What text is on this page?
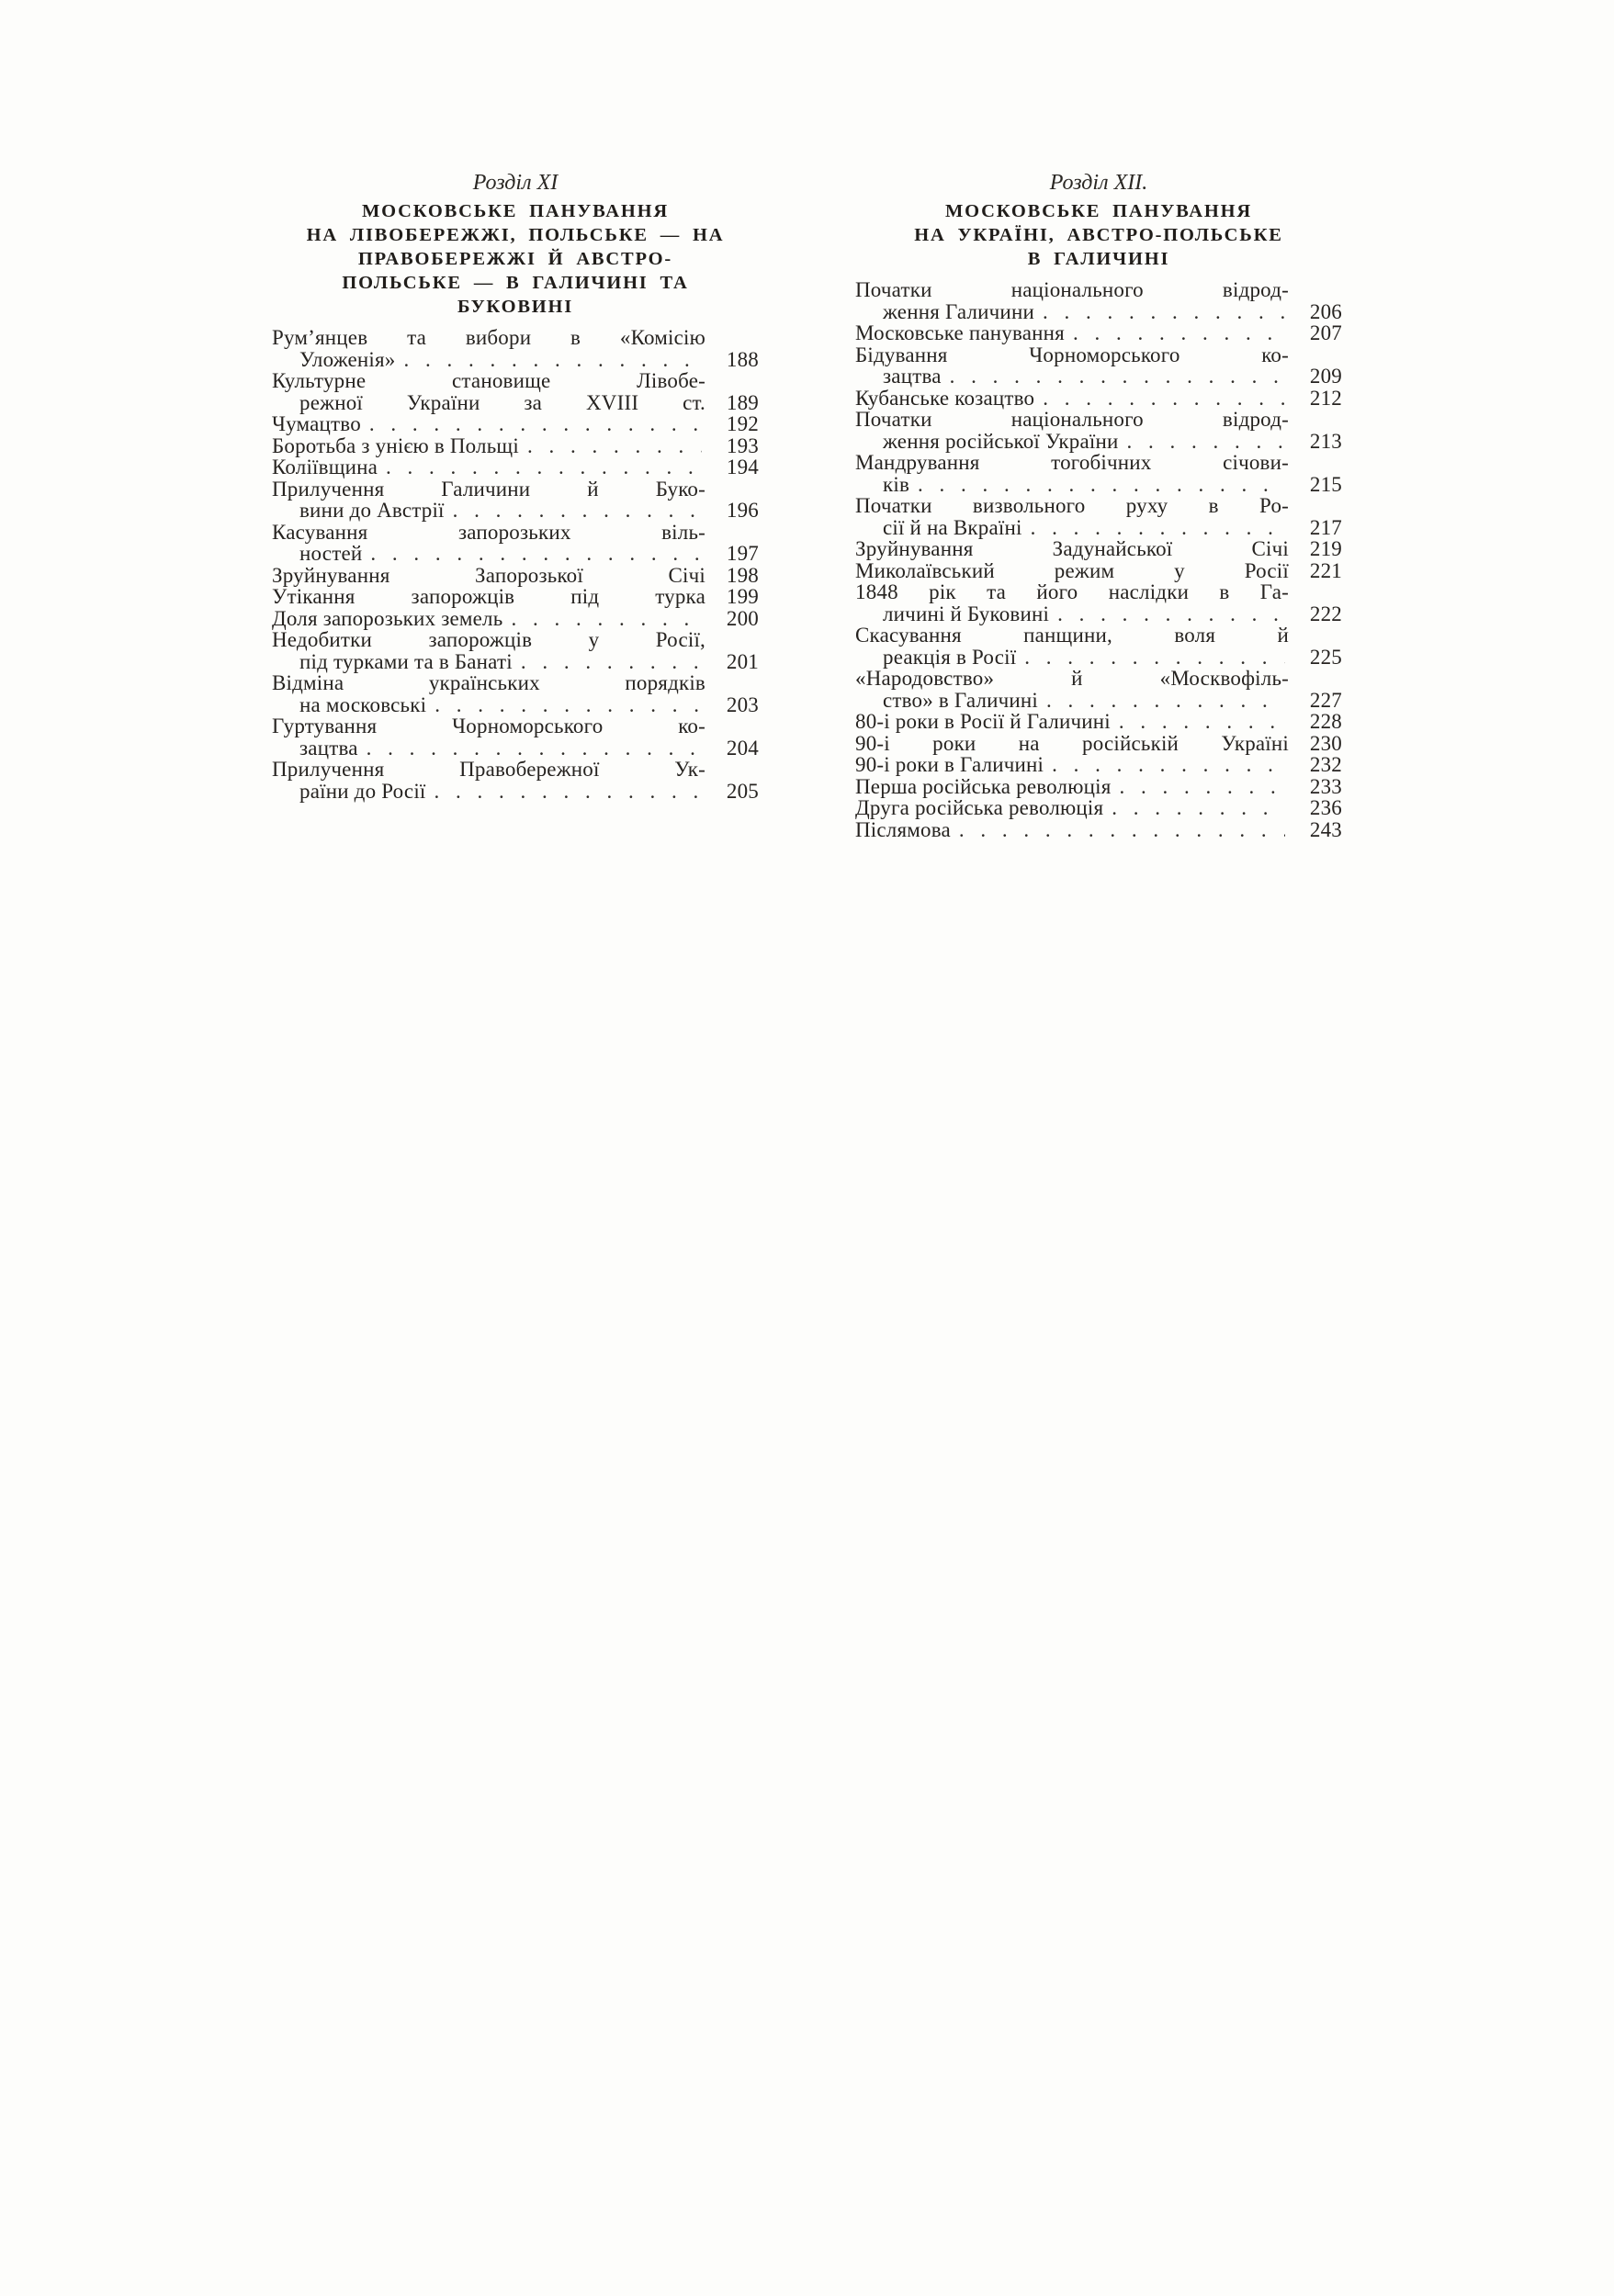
Розділ XI
МОСКОВСЬКЕ ПАНУВАННЯ
НА ЛІВОБЕРЕЖЖІ, ПОЛЬСЬКЕ — НА
ПРАВОБЕРЕЖЖІ Й АВСТРО-
ПОЛЬСЬКЕ — В ГАЛИЧИНІ ТА
БУКОВИНІ
Рум’янцев та вибори в «Комісію
Уложенія» . . .	188
Культурне становище Лівобе-
режної України за XVIII ст. 189
Чумацтво . . .	192
Боротьба з унією в Польщі . . .	193
Коліївщина . . .	194
Прилучення Галичини й Буко-
вини до Австрії . . .	196
Касування запорозьких віль-
ностей . . .	197
Зруйнування Запорозької Січі 198
Утікання запорожців під турка 199
Доля запорозьких земель . . .	200
Недобитки запорожців у Росії,
під турками та в Банаті . . .	201
Відміна українських порядків
на московські . . .	203
Гуртування Чорноморського ко-
зацтва . . .	204
Прилучення Правобережної Ук-
раїни до Росії . . .	205
Розділ XII.
МОСКОВСЬКЕ ПАНУВАННЯ
НА УКРАЇНІ, АВСТРО-ПОЛЬСЬКЕ
В ГАЛИЧИНІ
Початки національного відрод-
ження Галичини . . .	206
Московське панування . . .	207
Бідування Чорноморського ко-
зацтва . . .	209
Кубанське козацтво . . .	212
Початки національного відрод-
ження російської України . . .	213
Мандрування тогобічних січови-
ків . . .	215
Початки визвольного руху в Ро-
сії й на Вкраїні . . .	217
Зруйнування Задунайської Січі 219
Миколаївський режим у Росії 221
1848 рік та його наслідки в Га-
личині й Буковині . . .	222
Скасування панщини, воля й
реакція в Росії . . .	225
«Народовство» й «Москвофіль-
ство» в Галичині . . .	227
80-і роки в Росії й Галичині . . .	228
90-і роки на російській Україні 230
90-і роки в Галичині . . .	232
Перша російська революція . . .	233
Друга російська революція . . .	236
Післямова . . .	243
